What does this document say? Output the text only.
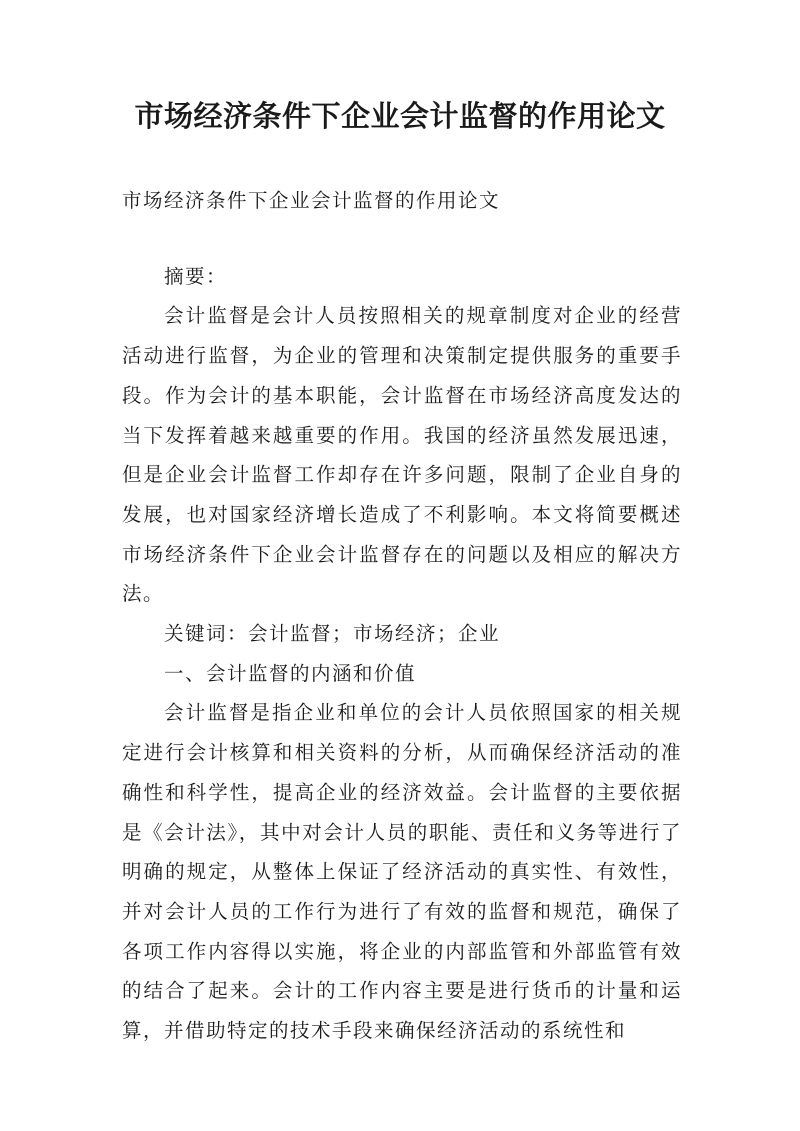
市场经济条件下企业会计监督的作用论文

市场经济条件下企业会计监督的作用论文

摘要：

会计监督是会计人员按照相关的规章制度对企业的经营活动进行监督，为企业的管理和决策制定提供服务的重要手段。作为会计的基本职能，会计监督在市场经济高度发达的当下发挥着越来越重要的作用。我国的经济虽然发展迅速，但是企业会计监督工作却存在许多问题，限制了企业自身的发展，也对国家经济增长造成了不利影响。本文将简要概述市场经济条件下企业会计监督存在的问题以及相应的解决方法。

关键词：会计监督；市场经济；企业

一、会计监督的内涵和价值

会计监督是指企业和单位的会计人员依照国家的相关规定进行会计核算和相关资料的分析，从而确保经济活动的准确性和科学性，提高企业的经济效益。会计监督的主要依据是《会计法》，其中对会计人员的职能、责任和义务等进行了明确的规定，从整体上保证了经济活动的真实性、有效性，并对会计人员的工作行为进行了有效的监督和规范，确保了各项工作内容得以实施，将企业的内部监管和外部监管有效的结合了起来。会计的工作内容主要是进行货币的计量和运算，并借助特定的技术手段来确保经济活动的系统性和
